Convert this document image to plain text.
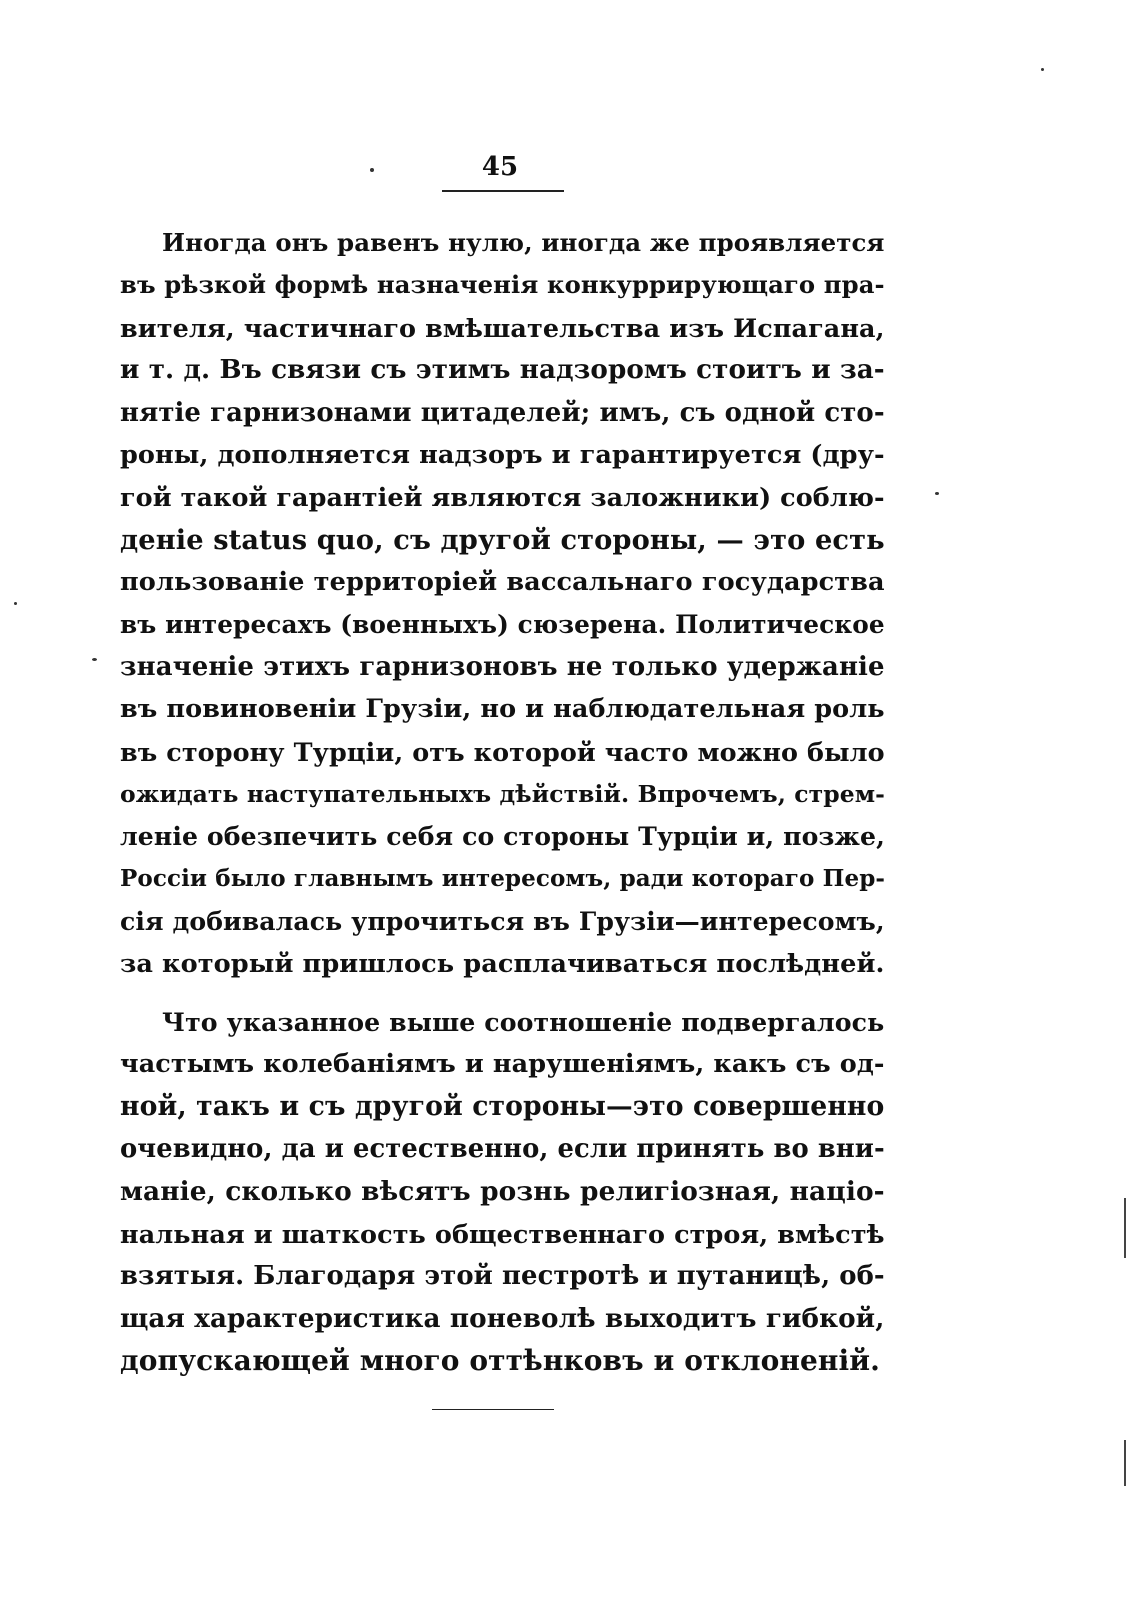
45
Иногда онъ равенъ нулю, иногда же проявляется
въ рѣзкой формѣ назначенія конкуррирующаго пра-
вителя, частичнаго вмѣшательства изъ Испагана,
и т. д. Въ связи съ этимъ надзоромъ стоитъ и за-
нятіе гарнизонами цитаделей; имъ, съ одной сто-
роны, дополняется надзоръ и гарантируется (дру-
гой такой гарантіей являются заложники) соблю-
деніе status quo, съ другой стороны, — это есть
пользованіе территоріей вассальнаго государства
въ интересахъ (военныхъ) сюзерена. Политическое
значеніе этихъ гарнизоновъ не только удержаніе
въ повиновеніи Грузіи, но и наблюдательная роль
въ сторону Турціи, отъ которой часто можно было
ожидать наступательныхъ дѣйствій. Впрочемъ, стрем-
леніе обезпечить себя со стороны Турціи и, позже,
Россіи было главнымъ интересомъ, ради котораго Пер-
сія добивалась упрочиться въ Грузіи—интересомъ,
за который пришлось расплачиваться послѣдней.
Что указанное выше соотношеніе подвергалось
частымъ колебаніямъ и нарушеніямъ, какъ съ од-
ной, такъ и съ другой стороны—это совершенно
очевидно, да и естественно, если принять во вни-
маніе, сколько вѣсятъ рознь религіозная, націо-
нальная и шаткость общественнаго строя, вмѣстѣ
взятыя. Благодаря этой пестротѣ и путаницѣ, об-
щая характеристика поневолѣ выходитъ гибкой,
допускающей много оттѣнковъ и отклоненій.
